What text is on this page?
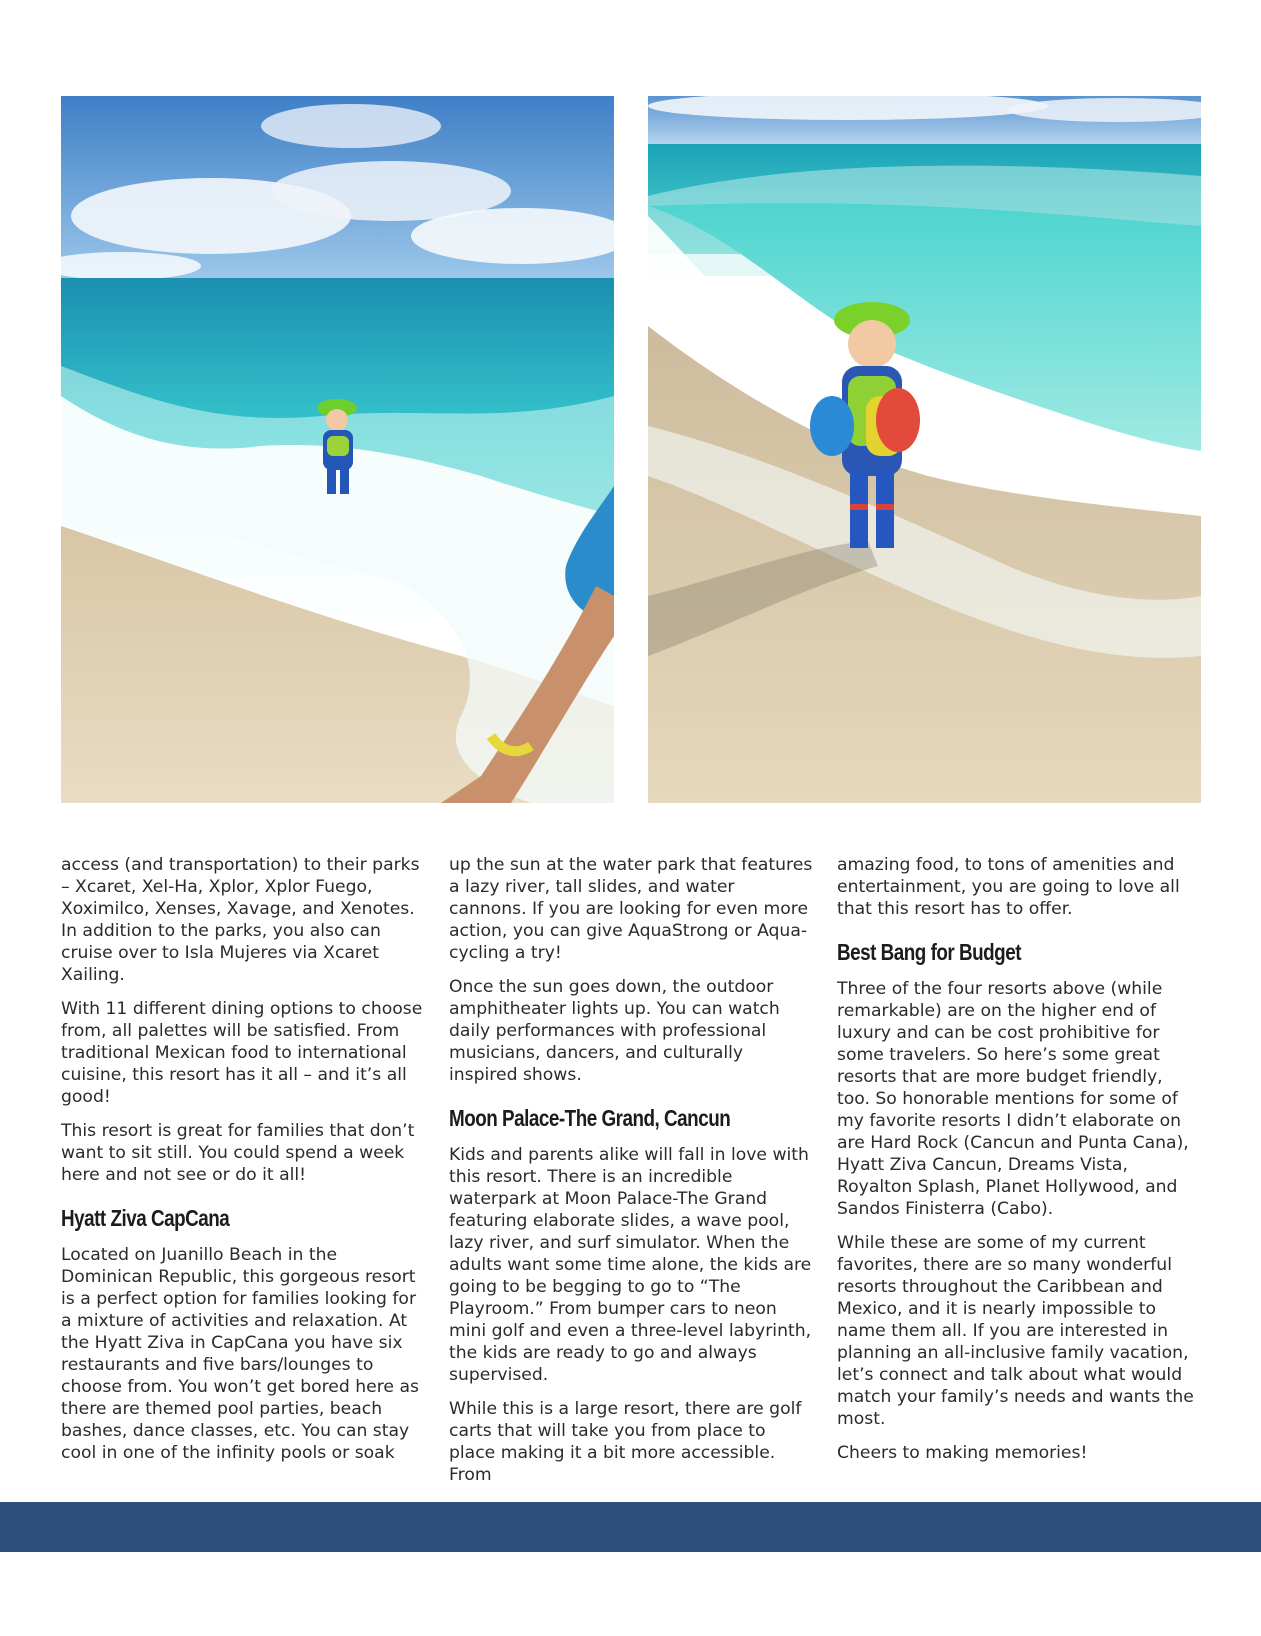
access (and transportation) to their parks – Xcaret, Xel-Ha, Xplor, Xplor Fuego, Xoximilco, Xenses, Xavage, and Xenotes. In addition to the parks, you also can cruise over to Isla Mujeres via Xcaret Xailing.

With 11 different dining options to choose from, all palettes will be satisfied. From traditional Mexican food to international cuisine, this resort has it all – and it’s all good!

This resort is great for families that don’t want to sit still. You could spend a week here and not see or do it all!

Hyatt Ziva CapCana

Located on Juanillo Beach in the Dominican Republic, this gorgeous resort is a perfect option for families looking for a mixture of activities and relaxation. At the Hyatt Ziva in CapCana you have six restaurants and five bars/lounges to choose from. You won’t get bored here as there are themed pool parties, beach bashes, dance classes, etc. You can stay cool in one of the infinity pools or soak

up the sun at the water park that features a lazy river, tall slides, and water cannons. If you are looking for even more action, you can give AquaStrong or Aqua-cycling a try!

Once the sun goes down, the outdoor amphitheater lights up. You can watch daily performances with professional musicians, dancers, and culturally inspired shows.

Moon Palace-The Grand, Cancun

Kids and parents alike will fall in love with this resort. There is an incredible waterpark at Moon Palace-The Grand featuring elaborate slides, a wave pool, lazy river, and surf simulator. When the adults want some time alone, the kids are going to be begging to go to “The Playroom.” From bumper cars to neon mini golf and even a three-level labyrinth, the kids are ready to go and always supervised.

While this is a large resort, there are golf carts that will take you from place to place making it a bit more accessible. From

amazing food, to tons of amenities and entertainment, you are going to love all that this resort has to offer.

Best Bang for Budget

Three of the four resorts above (while remarkable) are on the higher end of luxury and can be cost prohibitive for some travelers. So here’s some great resorts that are more budget friendly, too. So honorable mentions for some of my favorite resorts I didn’t elaborate on are Hard Rock (Cancun and Punta Cana), Hyatt Ziva Cancun, Dreams Vista, Royalton Splash, Planet Hollywood, and Sandos Finisterra (Cabo).

While these are some of my current favorites, there are so many wonderful resorts throughout the Caribbean and Mexico, and it is nearly impossible to name them all. If you are interested in planning an all-inclusive family vacation, let’s connect and talk about what would match your family’s needs and wants the most.

Cheers to making memories!
